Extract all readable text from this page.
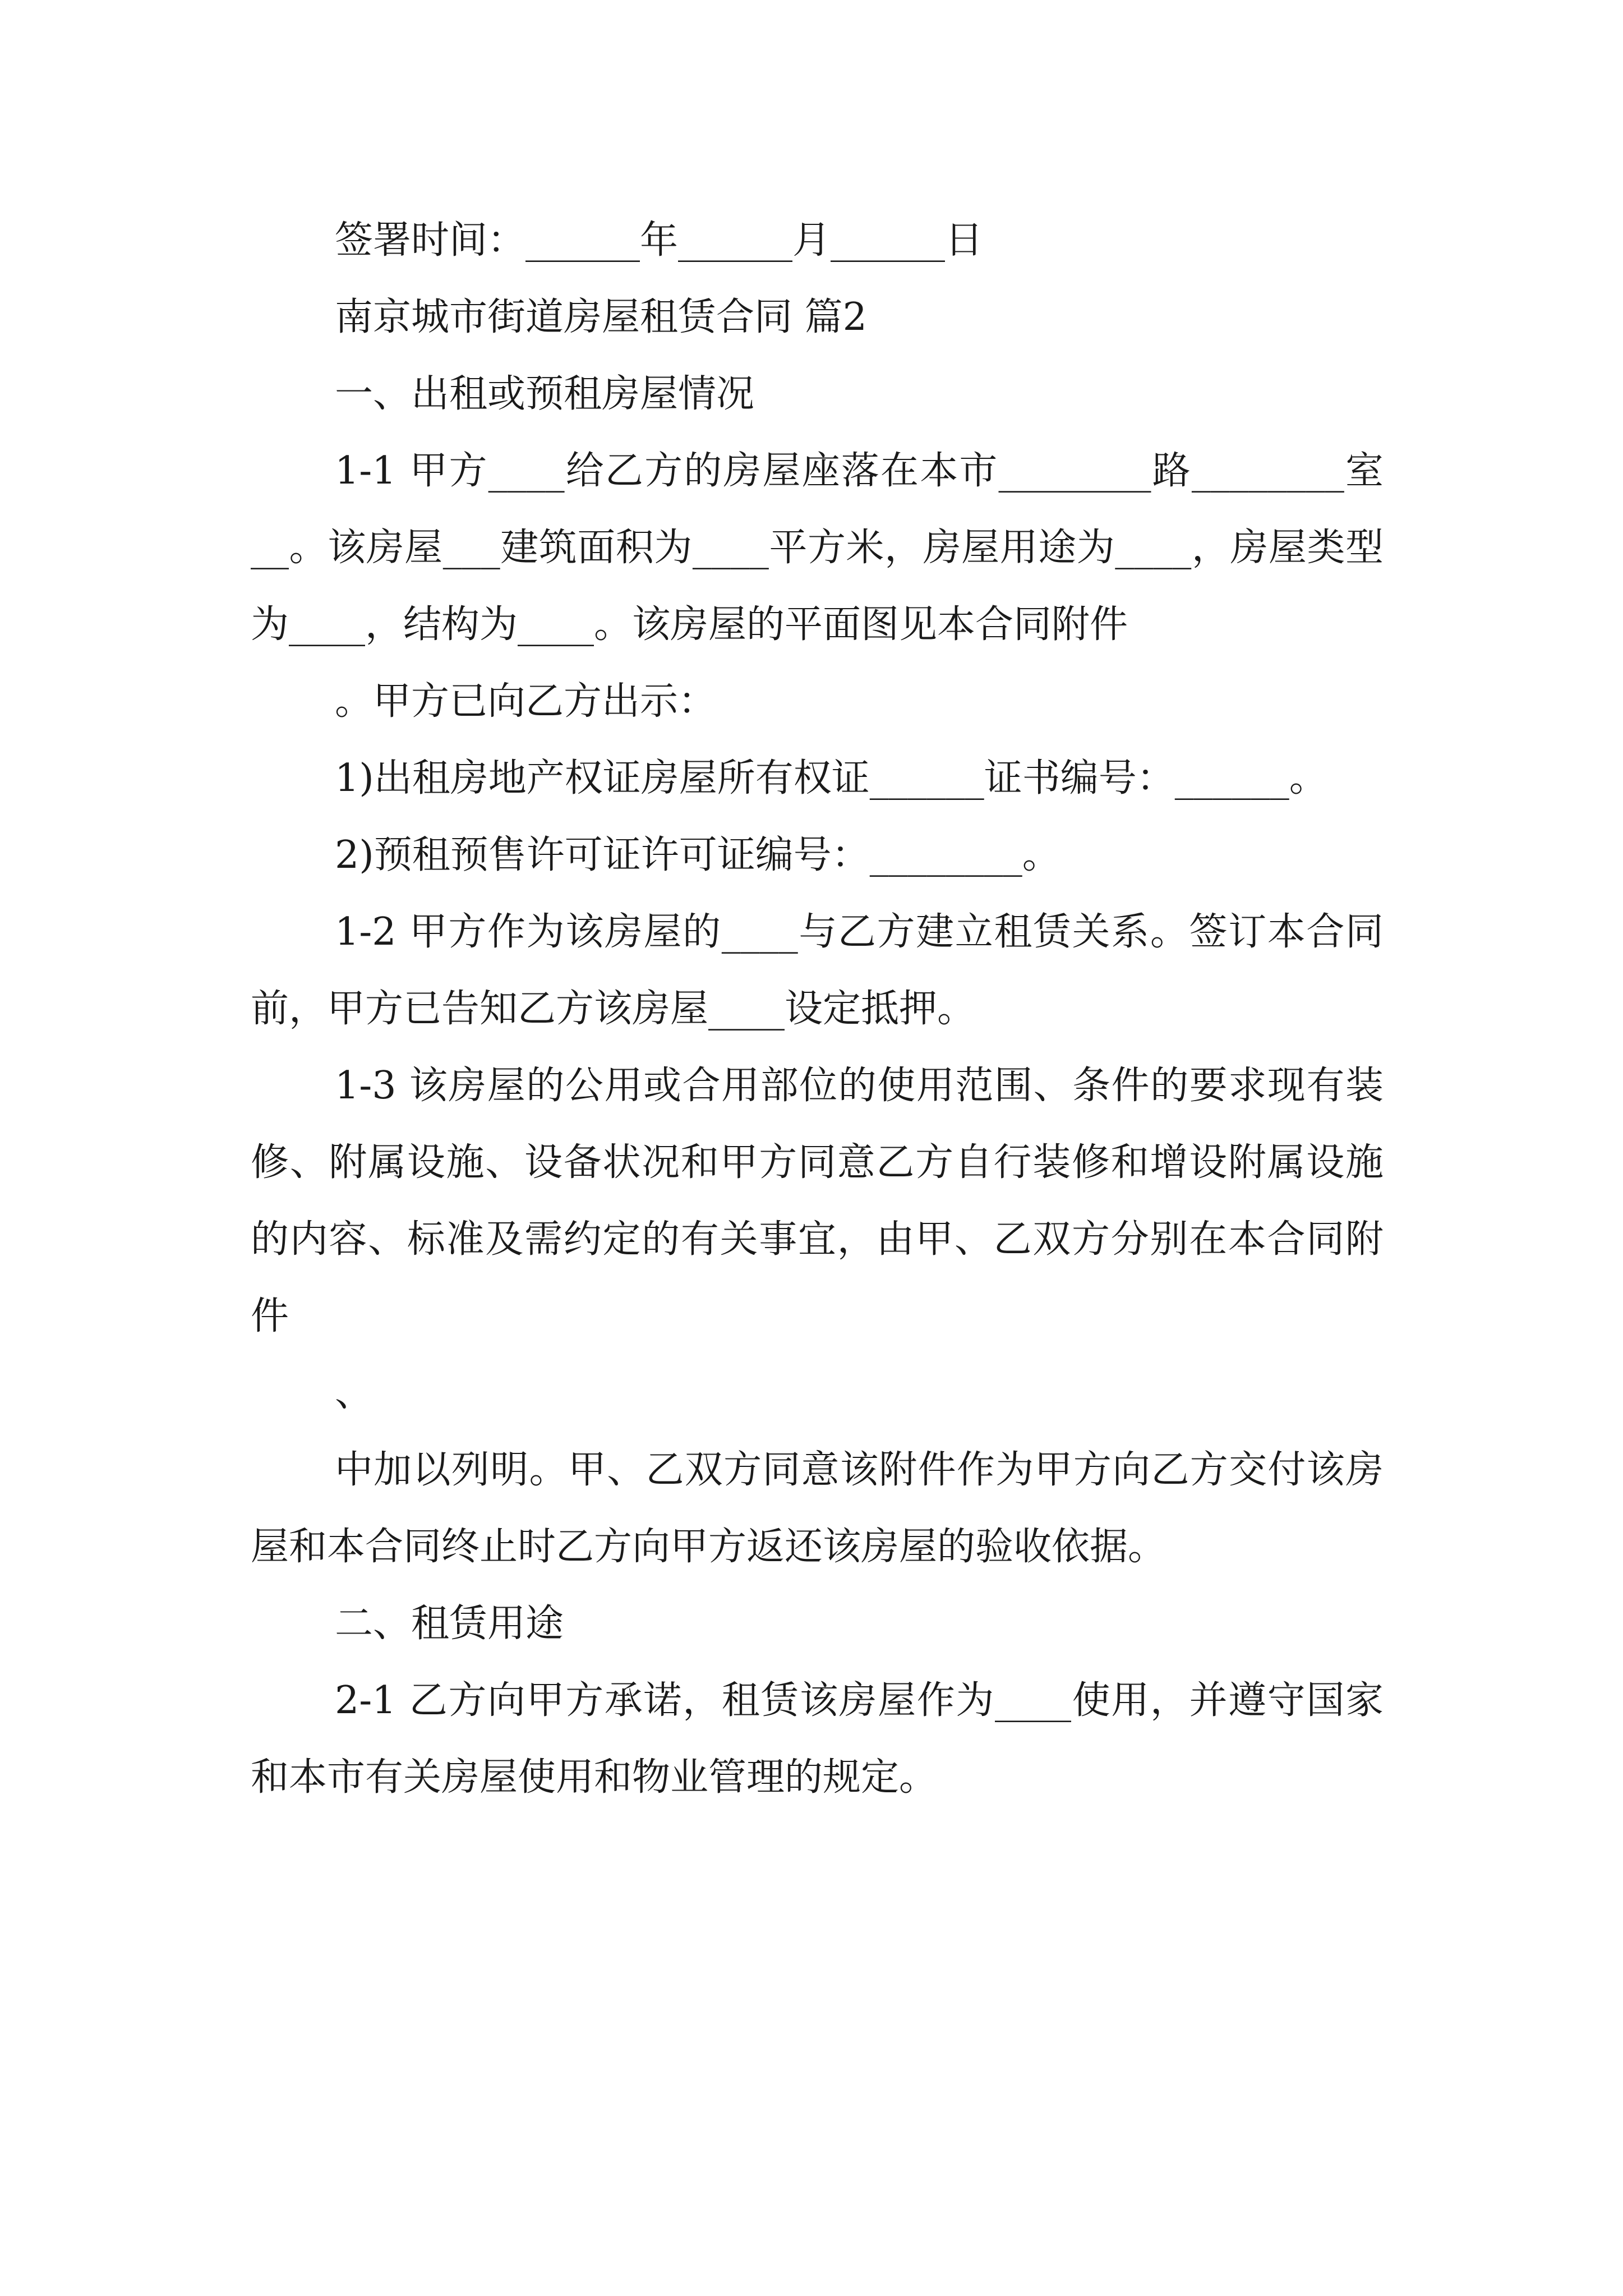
签署时间：______年______月______日

南京城市街道房屋租赁合同 篇2

一、出租或预租房屋情况

1-1 甲方____给乙方的房屋座落在本市________路________室__。该房屋___建筑面积为____平方米，房屋用途为____，房屋类型为____，结构为____。该房屋的平面图见本合同附件

。甲方已向乙方出示：

1)出租房地产权证房屋所有权证______证书编号：______。

2)预租预售许可证许可证编号：________。

1-2 甲方作为该房屋的____与乙方建立租赁关系。签订本合同前，甲方已告知乙方该房屋____设定抵押。

1-3 该房屋的公用或合用部位的使用范围、条件的要求现有装修、附属设施、设备状况和甲方同意乙方自行装修和增设附属设施的内容、标准及需约定的有关事宜，由甲、乙双方分别在本合同附件

、

中加以列明。甲、乙双方同意该附件作为甲方向乙方交付该房屋和本合同终止时乙方向甲方返还该房屋的验收依据。

二、租赁用途

2-1 乙方向甲方承诺，租赁该房屋作为____使用，并遵守国家和本市有关房屋使用和物业管理的规定。
